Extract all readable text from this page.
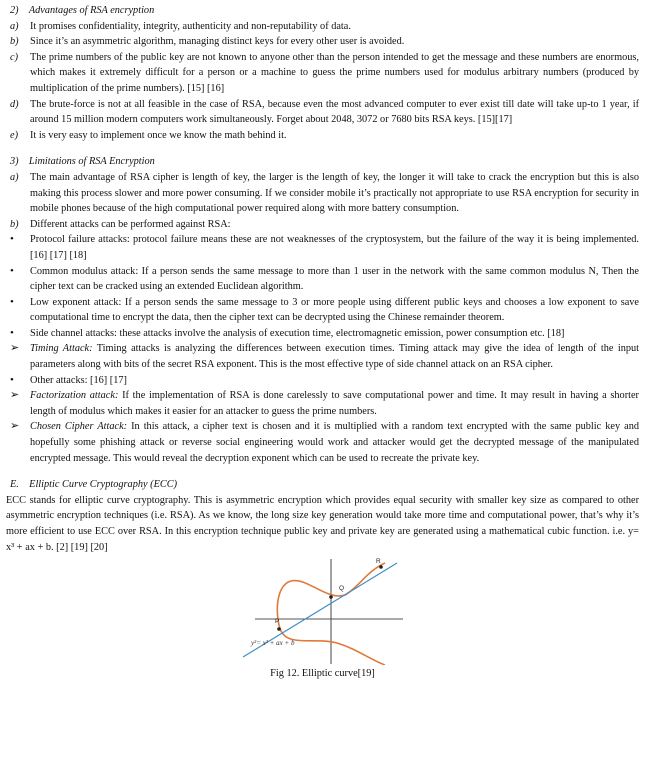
2) Advantages of RSA encryption
a)	It promises confidentiality, integrity, authenticity and non-reputability of data.
b)	Since it’s an asymmetric algorithm, managing distinct keys for every other user is avoided.
c)	The prime numbers of the public key are not known to anyone other than the person intended to get the message and these numbers are enormous, which makes it extremely difficult for a person or a machine to guess the prime numbers used for modulus arbitrary numbers (produced by multiplication of the prime numbers). [15] [16]
d)	The brute-force is not at all feasible in the case of RSA, because even the most advanced computer to ever exist till date will take up-to 1 year, if around 15 million modern computers work simultaneously. Forget about 2048, 3072 or 7680 bits RSA keys. [15][17]
e)	It is very easy to implement once we know the math behind it.
3) Limitations of RSA Encryption
a)	The main advantage of RSA cipher is length of key, the larger is the length of key, the longer it will take to crack the encryption but this is also making this process slower and more power consuming. If we consider mobile it’s practically not appropriate to use RSA encryption for security in mobile phones because of the high computational power required along with more battery consumption.
b)	Different attacks can be performed against RSA:
•	Protocol failure attacks: protocol failure means these are not weaknesses of the cryptosystem, but the failure of the way it is being implemented. [16] [17] [18]
•	Common modulus attack: If a person sends the same message to more than 1 user in the network with the same common modulus N, Then the cipher text can be cracked using an extended Euclidean algorithm.
•	Low exponent attack: If a person sends the same message to 3 or more people using different public keys and chooses a low exponent to save computational time to encrypt the data, then the cipher text can be decrypted using the Chinese remainder theorem.
•	Side channel attacks: these attacks involve the analysis of execution time, electromagnetic emission, power consumption etc. [18]
➢	Timing Attack: Timing attacks is analyzing the differences between execution times. Timing attack may give the idea of length of the input parameters along with bits of the secret RSA exponent. This is the most effective type of side channel attack on an RSA cipher.
•	Other attacks: [16] [17]
➢	Factorization attack: If the implementation of RSA is done carelessly to save computational power and time. It may result in having a shorter length of modulus which makes it easier for an attacker to guess the prime numbers.
➢	Chosen Cipher Attack: In this attack, a cipher text is chosen and it is multiplied with a random text encrypted with the same public key and hopefully some phishing attack or reverse social engineering would work and attacker would get the decrypted message of the manipulated encrypted message. This would reveal the decryption exponent which can be used to recreate the private key.
E. Elliptic Curve Cryptography (ECC)
ECC stands for elliptic curve cryptography. This is asymmetric encryption which provides equal security with smaller key size as compared to other asymmetric encryption techniques (i.e. RSA). As we know, the long size key generation would take more time and computational power, that’s why it’s more efficient to use ECC over RSA. In this encryption technique public key and private key are generated using a mathematical cubic function. i.e. y= x³ + ax + b. [2] [19] [20]
R
Q
P
y²= x³ + ax + b
Fig 12. Elliptic curve[19]
